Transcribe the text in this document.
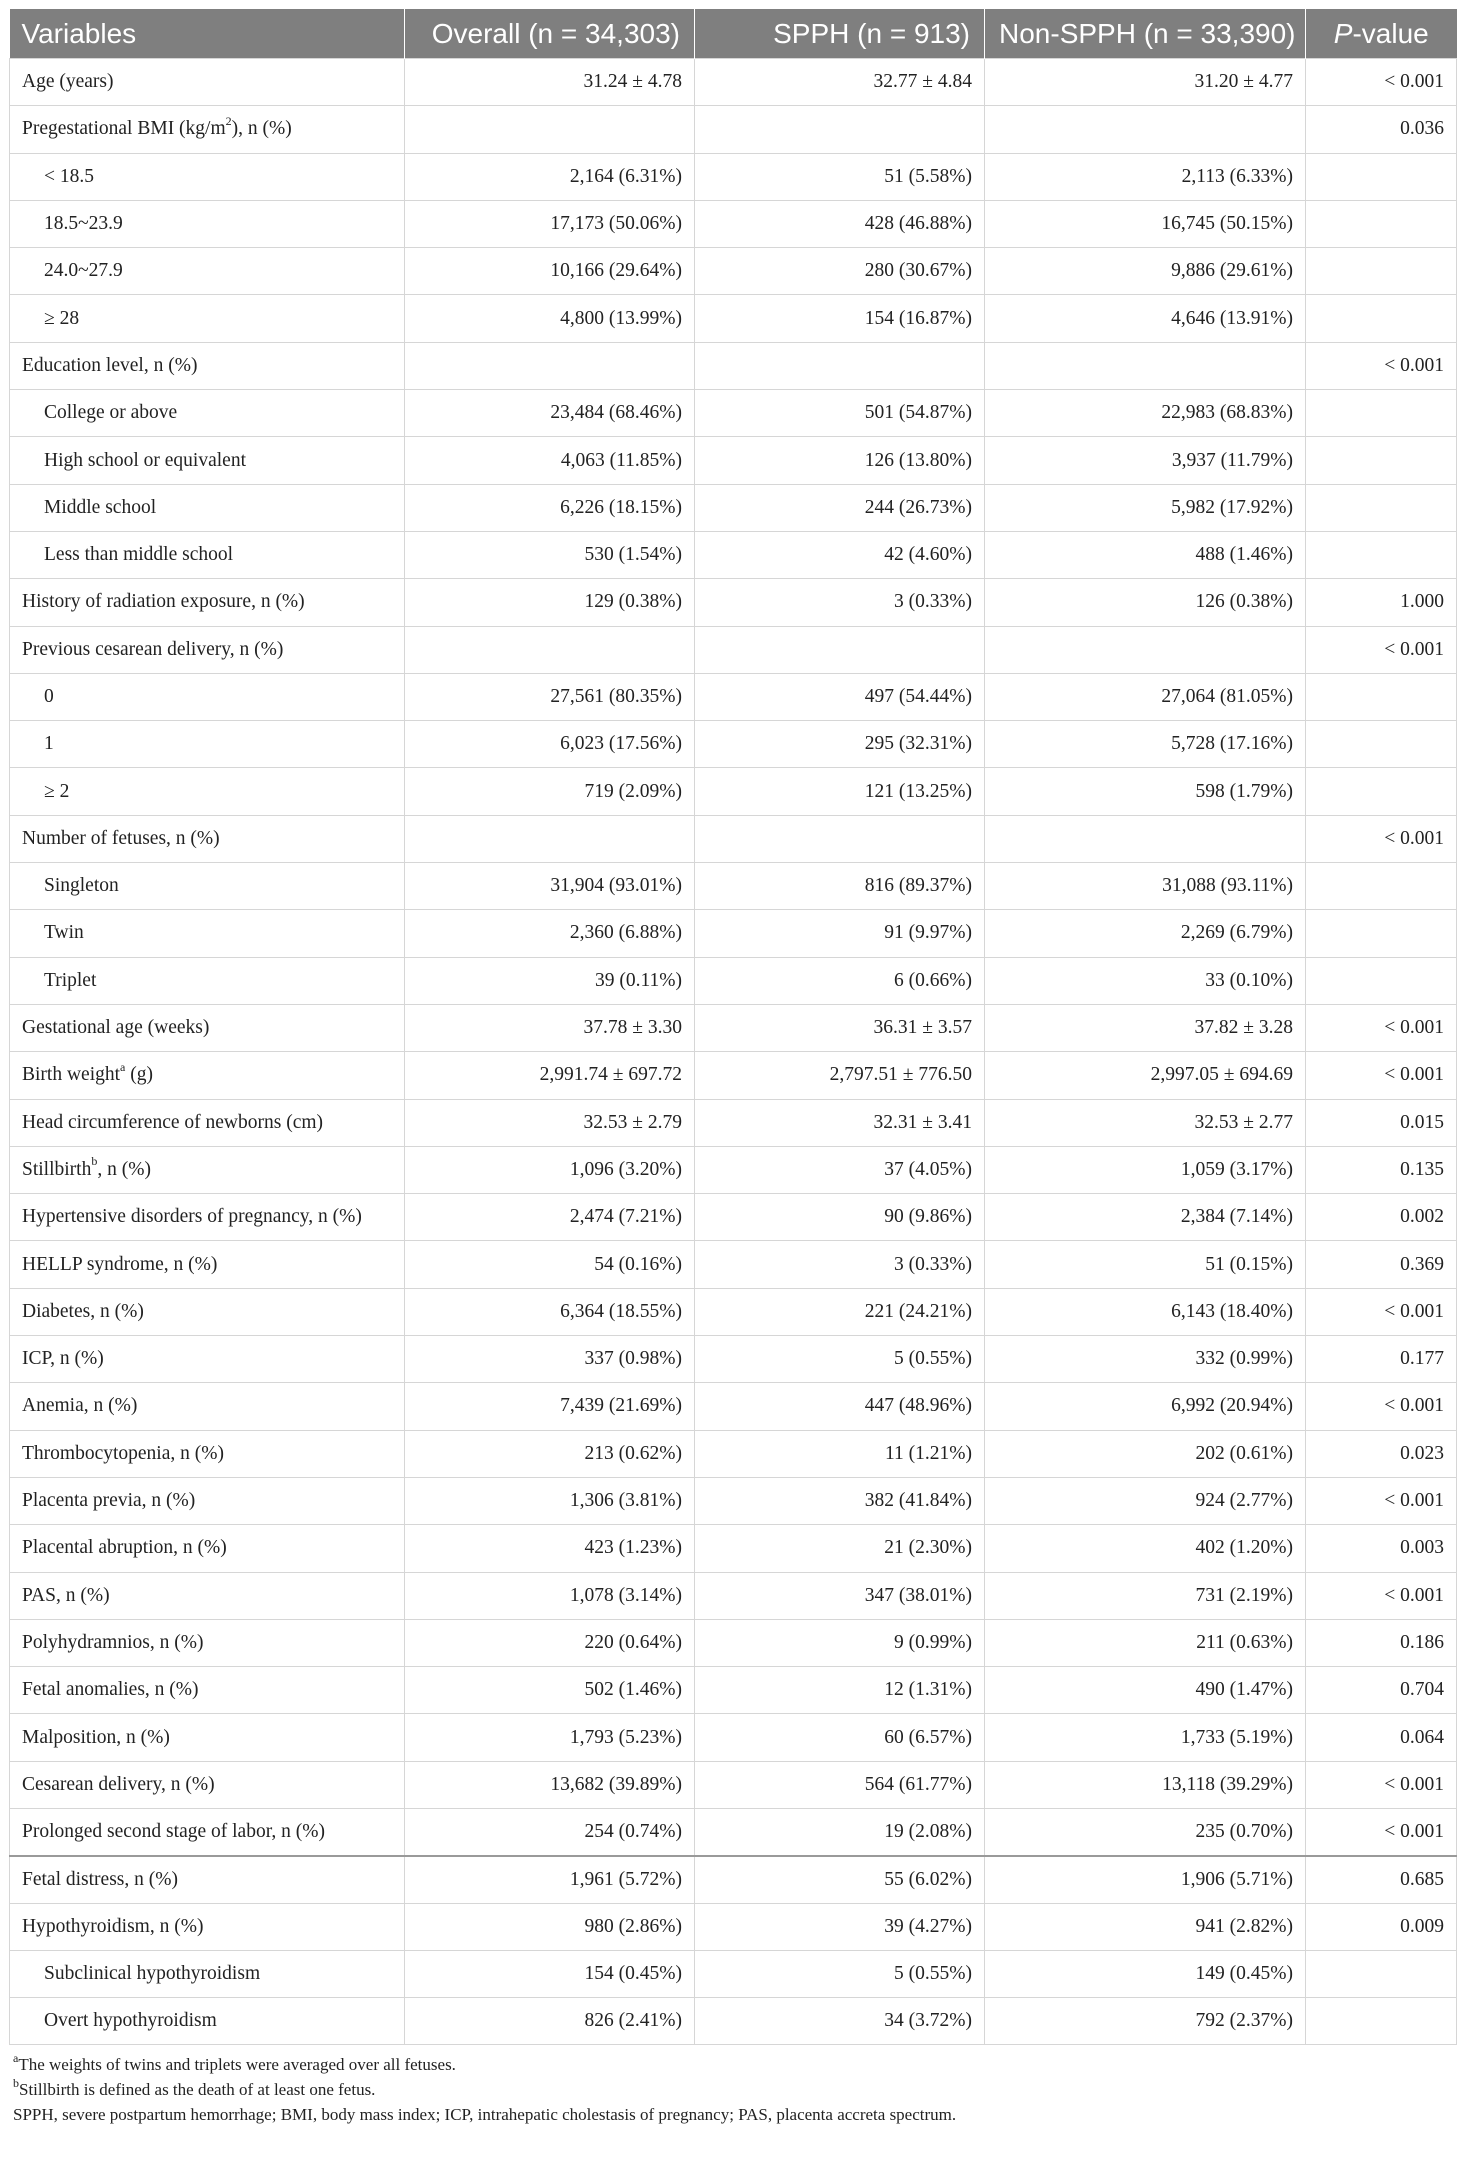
Variables	Overall (n = 34,303)	SPPH (n = 913)	Non-SPPH (n = 33,390)	P-value
Age (years)	31.24 ± 4.78	32.77 ± 4.84	31.20 ± 4.77	< 0.001
Pregestational BMI $(kg/m^2)$, n (%)				0.036
< 18.5	2,164 (6.31%)	51 (5.58%)	2,113 (6.33%)	
18.5~23.9	17,173 (50.06%)	428 (46.88%)	16,745 (50.15%)	
24.0~27.9	10,166 (29.64%)	280 (30.67%)	9,886 (29.61%)	
≥ 28	4,800 (13.99%)	154 (16.87%)	4,646 (13.91%)	
Education level, n (%)				< 0.001
College or above	23,484 (68.46%)	501 (54.87%)	22,983 (68.83%)	
High school or equivalent	4,063 (11.85%)	126 (13.80%)	3,937 (11.79%)	
Middle school	6,226 (18.15%)	244 (26.73%)	5,982 (17.92%)	
Less than middle school	530 (1.54%)	42 (4.60%)	488 (1.46%)	
History of radiation exposure, n (%)	129 (0.38%)	3 (0.33%)	126 (0.38%)	1.000
Previous cesarean delivery, n (%)				< 0.001
0	27,561 (80.35%)	497 (54.44%)	27,064 (81.05%)	
1	6,023 (17.56%)	295 (32.31%)	5,728 (17.16%)	
≥ 2	719 (2.09%)	121 (13.25%)	598 (1.79%)	
Number of fetuses, n (%)				< 0.001
Singleton	31,904 (93.01%)	816 (89.37%)	31,088 (93.11%)	
Twin	2,360 (6.88%)	91 (9.97%)	2,269 (6.79%)	
Triplet	39 (0.11%)	6 (0.66%)	33 (0.10%)	
Gestational age (weeks)	37.78 ± 3.30	36.31 ± 3.57	37.82 ± 3.28	< 0.001
Birth weight$^a$ (g)	2,991.74 ± 697.72	2,797.51 ± 776.50	2,997.05 ± 694.69	< 0.001
Head circumference of newborns (cm)	32.53 ± 2.79	32.31 ± 3.41	32.53 ± 2.77	0.015
Stillbirth$^b$, n (%)	1,096 (3.20%)	37 (4.05%)	1,059 (3.17%)	0.135
Hypertensive disorders of pregnancy, n (%)	2,474 (7.21%)	90 (9.86%)	2,384 (7.14%)	0.002
HELLP syndrome, n (%)	54 (0.16%)	3 (0.33%)	51 (0.15%)	0.369
Diabetes, n (%)	6,364 (18.55%)	221 (24.21%)	6,143 (18.40%)	< 0.001
ICP, n (%)	337 (0.98%)	5 (0.55%)	332 (0.99%)	0.177
Anemia, n (%)	7,439 (21.69%)	447 (48.96%)	6,992 (20.94%)	< 0.001
Thrombocytopenia, n (%)	213 (0.62%)	11 (1.21%)	202 (0.61%)	0.023
Placenta previa, n (%)	1,306 (3.81%)	382 (41.84%)	924 (2.77%)	< 0.001
Placental abruption, n (%)	423 (1.23%)	21 (2.30%)	402 (1.20%)	0.003
PAS, n (%)	1,078 (3.14%)	347 (38.01%)	731 (2.19%)	< 0.001
Polyhydramnios, n (%)	220 (0.64%)	9 (0.99%)	211 (0.63%)	0.186
Fetal anomalies, n (%)	502 (1.46%)	12 (1.31%)	490 (1.47%)	0.704
Malposition, n (%)	1,793 (5.23%)	60 (6.57%)	1,733 (5.19%)	0.064
Cesarean delivery, n (%)	13,682 (39.89%)	564 (61.77%)	13,118 (39.29%)	< 0.001
Prolonged second stage of labor, n (%)	254 (0.74%)	19 (2.08%)	235 (0.70%)	< 0.001
Fetal distress, n (%)	1,961 (5.72%)	55 (6.02%)	1,906 (5.71%)	0.685
Hypothyroidism, n (%)	980 (2.86%)	39 (4.27%)	941 (2.82%)	0.009
Subclinical hypothyroidism	154 (0.45%)	5 (0.55%)	149 (0.45%)	
Overt hypothyroidism	826 (2.41%)	34 (3.72%)	792 (2.37%)	
$^a$The weights of twins and triplets were averaged over all fetuses.
$^b$Stillbirth is defined as the death of at least one fetus.
SPPH, severe postpartum hemorrhage; BMI, body mass index; ICP, intrahepatic cholestasis of pregnancy; PAS, placenta accreta spectrum.
